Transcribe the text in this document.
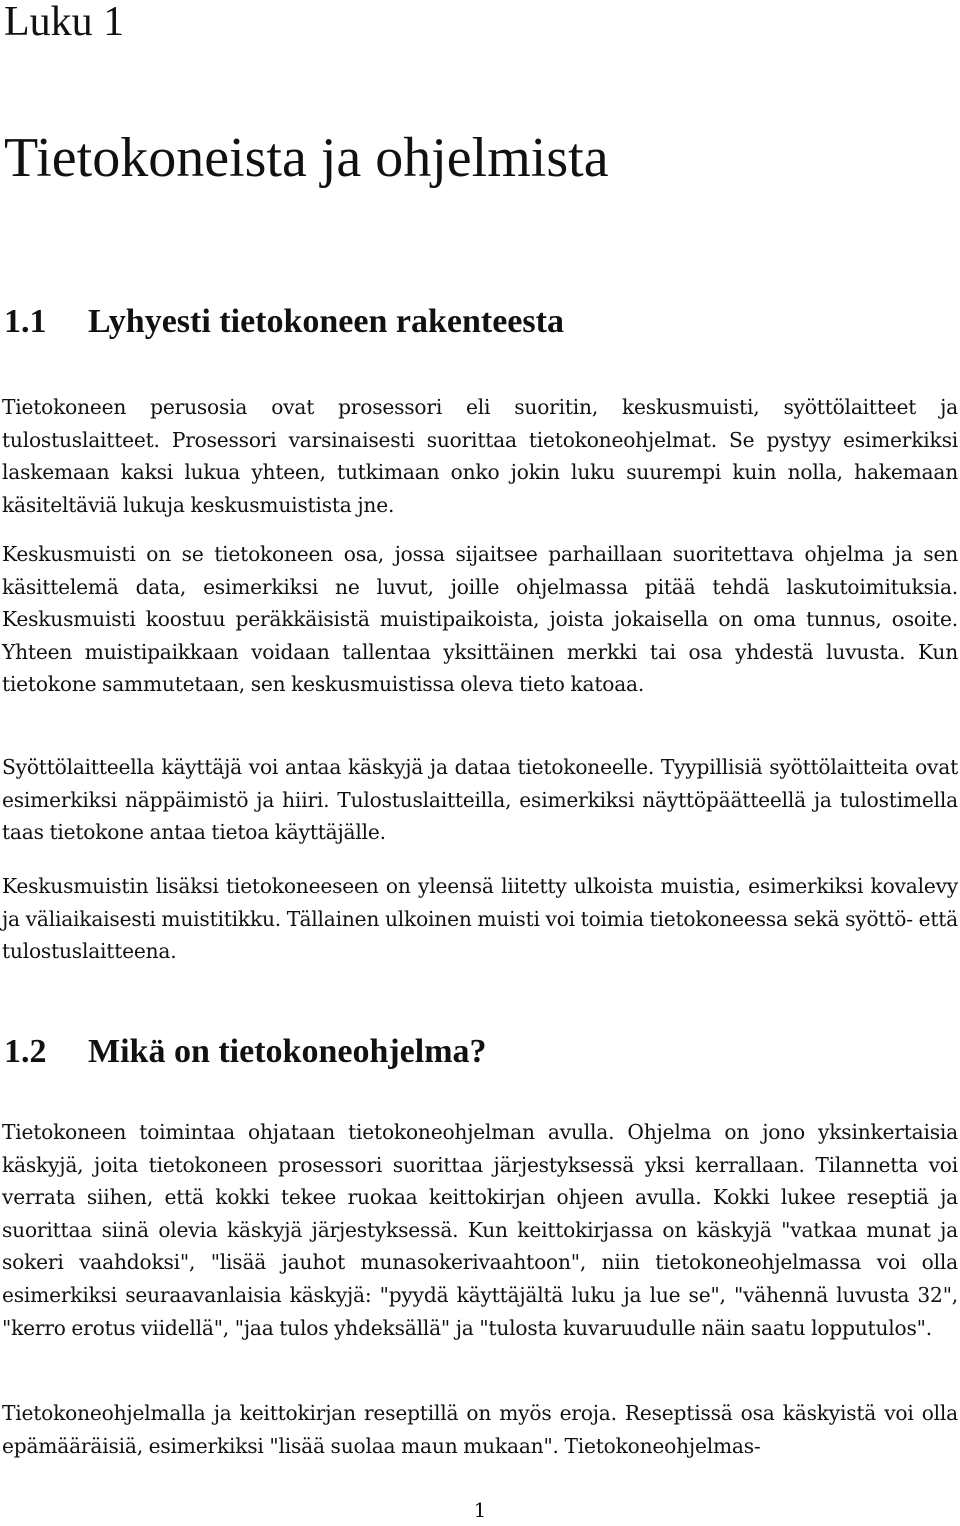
Luku 1
Tietokoneista ja ohjelmista
1.1 Lyhyesti tietokoneen rakenteesta

Tietokoneen perusosia ovat prosessori eli suoritin, keskusmuisti, syöttölaitteet ja tulostuslaitteet. Prosessori varsinaisesti suorittaa tietokoneohjelmat. Se pystyy esimerkiksi laskemaan kaksi lukua yhteen, tutkimaan onko jokin luku suurempi kuin nolla, hakemaan käsiteltäviä lukuja keskusmuistista jne.

Keskusmuisti on se tietokoneen osa, jossa sijaitsee parhaillaan suoritettava ohjelma ja sen käsittelemä data, esimerkiksi ne luvut, joille ohjelmassa pitää tehdä laskutoimituksia. Keskusmuisti koostuu peräkkäisistä muistipaikoista, joista jokaisella on oma tunnus, osoite. Yhteen muistipaikkaan voidaan tallentaa yksittäinen merkki tai osa yhdestä luvusta. Kun tietokone sammutetaan, sen keskusmuistissa oleva tieto katoaa.

Syöttölaitteella käyttäjä voi antaa käskyjä ja dataa tietokoneelle. Tyypillisiä syöttölaitteita ovat esimerkiksi näppäimistö ja hiiri. Tulostuslaitteilla, esimerkiksi näyttöpäätteellä ja tulostimella taas tietokone antaa tietoa käyttäjälle.

Keskusmuistin lisäksi tietokoneeseen on yleensä liitetty ulkoista muistia, esimerkiksi kovalevy ja väliaikaisesti muistitikku. Tällainen ulkoinen muisti voi toimia tietokoneessa sekä syöttö- että tulostuslaitteena.

1.2 Mikä on tietokoneohjelma?

Tietokoneen toimintaa ohjataan tietokoneohjelman avulla. Ohjelma on jono yksinkertaisia käskyjä, joita tietokoneen prosessori suorittaa järjestyksessä yksi kerrallaan. Tilannetta voi verrata siihen, että kokki tekee ruokaa keittokirjan ohjeen avulla. Kokki lukee reseptiä ja suorittaa siinä olevia käskyjä järjestyksessä. Kun keittokirjassa on käskyjä "vatkaa munat ja sokeri vaahdoksi", "lisää jauhot munasokerivaahtoon", niin tietokoneohjelmassa voi olla esimerkiksi seuraavanlaisia käskyjä: "pyydä käyttäjältä luku ja lue se", "vähennä luvusta 32", "kerro erotus viidellä", "jaa tulos yhdeksällä" ja "tulosta kuvaruudulle näin saatu lopputulos".

Tietokoneohjelmalla ja keittokirjan reseptillä on myös eroja. Reseptissä osa käskyistä voi olla epämääräisiä, esimerkiksi "lisää suolaa maun mukaan". Tietokoneohjelmas-

1
